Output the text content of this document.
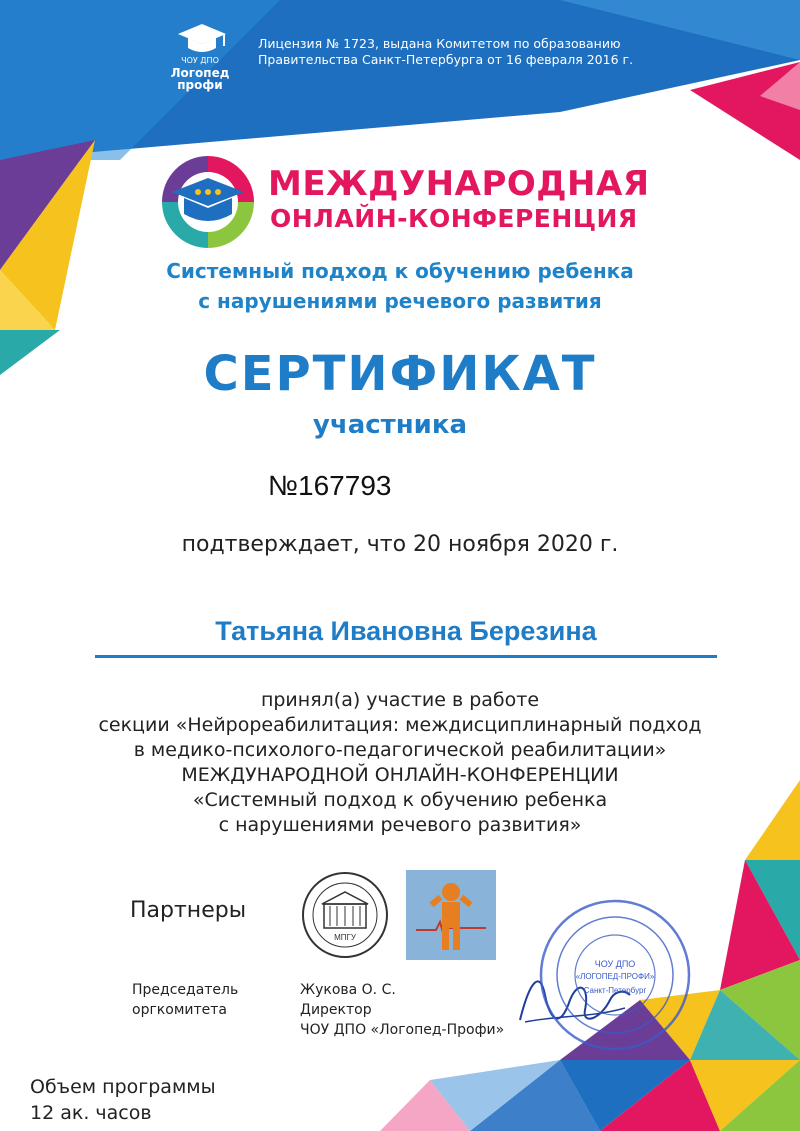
ЧОУ ДПО
Логопед
профи
Лицензия № 1723, выдана Комитетом по образованию
Правительства Санкт-Петербурга от 16 февраля 2016 г.
МЕЖДУНАРОДНАЯ
ОНЛАЙН-КОНФЕРЕНЦИЯ
Системный подход к обучению ребенка
с нарушениями речевого развития
СЕРТИФИКАТ
участника
№167793
подтверждает, что 20 ноября 2020 г.
Татьяна Ивановна Березина
принял(а) участие в работе
секции «Нейрореабилитация: междисциплинарный подход
в медико-психолого-педагогической реабилитации»
МЕЖДУНАРОДНОЙ ОНЛАЙН-КОНФЕРЕНЦИИ
«Системный подход к обучению ребенка
с нарушениями речевого развития»
Партнеры
МПГУ
Председатель
оргкомитета
Жукова О. С.
Директор
ЧОУ ДПО «Логопед-Профи»
ЧОУ ДПО
«ЛОГОПЕД-ПРОФИ»
Санкт-Петербург
Объем программы
12 ак. часов
